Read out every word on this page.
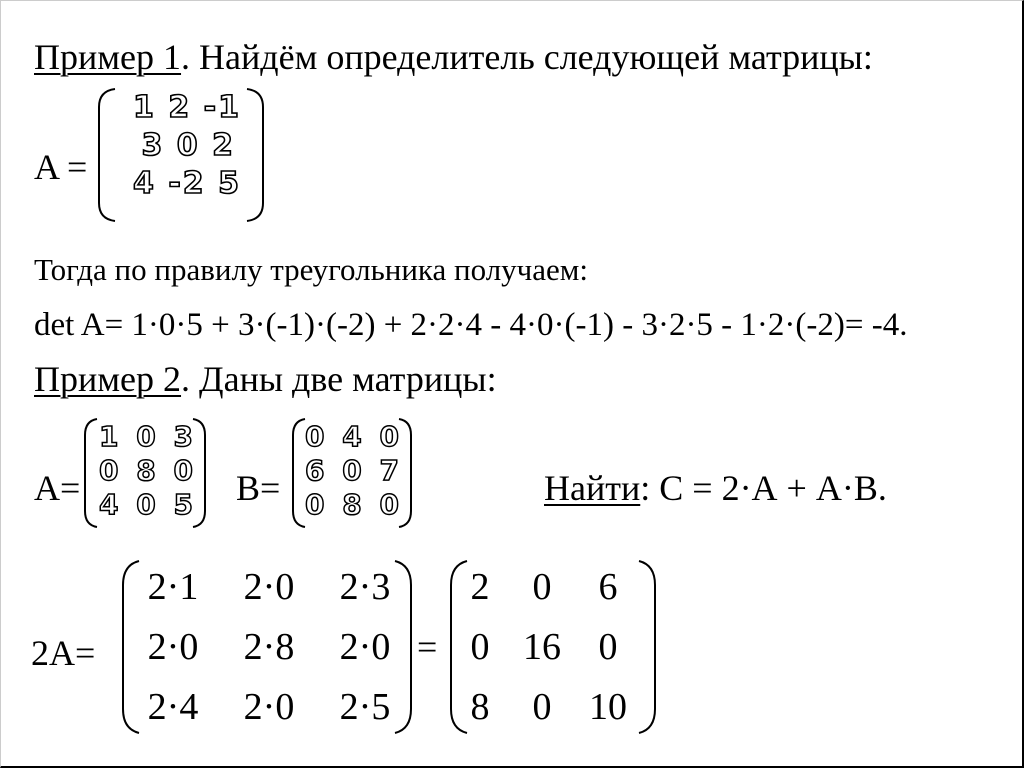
Пример 1. Найдём определитель следующей матрицы:
A =
1 2 -1
3 0 2
4 -2 5
Тогда по правилу треугольника получаем:
det A= 1·0·5 + 3·(-1)·(-2) + 2·2·4 - 4·0·(-1) - 3·2·5 - 1·2·(-2)= -4.
Пример 2. Даны две матрицы:
A=
1 0 3
0 8 0
4 0 5 B=
0 4 0
6 0 7
0 8 0	Найти: С = 2·А + А·В.
2A=
2·1	2·0	2·3
2·0	2·8	2·0
2·4	2·0	2·5
=
2	0	6
0 16 0
8	0 10
